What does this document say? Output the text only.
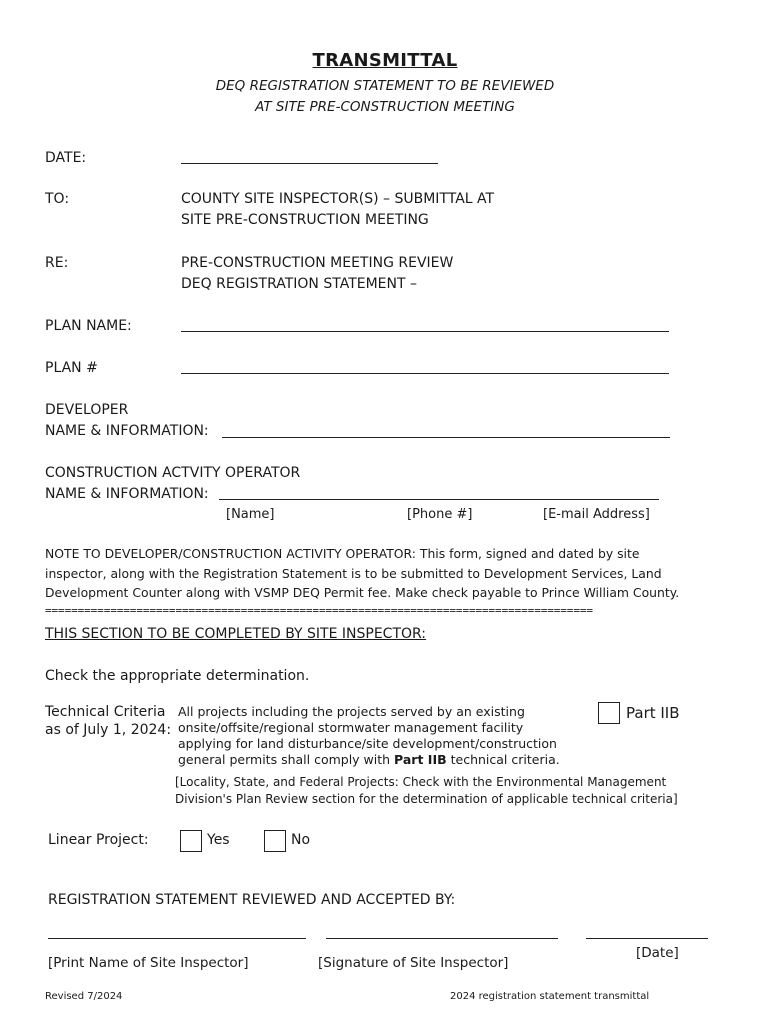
TRANSMITTAL
DEQ REGISTRATION STATEMENT TO BE REVIEWED
AT SITE PRE-CONSTRUCTION MEETING
DATE:
TO:	COUNTY SITE INSPECTOR(S) – SUBMITTAL AT
SITE PRE-CONSTRUCTION MEETING
RE:	PRE-CONSTRUCTION MEETING REVIEW
DEQ REGISTRATION STATEMENT –
PLAN NAME:
PLAN #
DEVELOPER
NAME & INFORMATION:
CONSTRUCTION ACTVITY OPERATOR
NAME & INFORMATION:
[Name]	[Phone #]	[E-mail Address]
NOTE TO DEVELOPER/CONSTRUCTION ACTIVITY OPERATOR: This form, signed and dated by site
inspector, along with the Registration Statement is to be submitted to Development Services, Land
Development Counter along with VSMP DEQ Permit fee. Make check payable to Prince William County.
====================================================================================
THIS SECTION TO BE COMPLETED BY SITE INSPECTOR:
Check the appropriate determination.
Technical Criteria
as of July 1, 2024:
All projects including the projects served by an existing
onsite/offsite/regional stormwater management facility
applying for land disturbance/site development/construction
general permits shall comply with Part IIB technical criteria.
[Locality, State, and Federal Projects: Check with the Environmental Management
Division's Plan Review section for the determination of applicable technical criteria]
Part IIB
Linear Project:	Yes	No
REGISTRATION STATEMENT REVIEWED AND ACCEPTED BY:
[Print Name of Site Inspector]	[Signature of Site Inspector]
[Date]
Revised 7/2024	2024 registration statement transmittal
